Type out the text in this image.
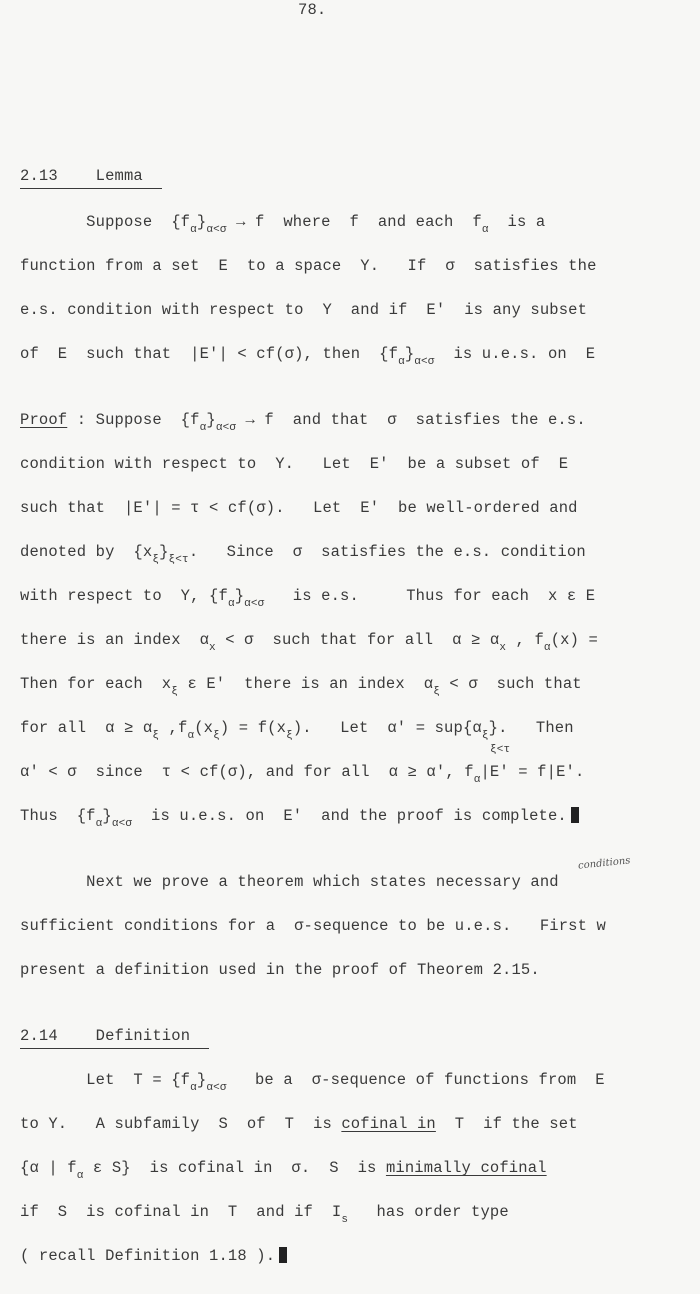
78.
2.13 Lemma
Suppose  $\{f_\alpha\}_{\alpha<\sigma} \to f$  where  f  and each  $f_\alpha$  is a
function from a set  E  to a space  Y.   If  σ  satisfies the
e.s. condition with respect to  Y  and if  E'  is any subset
of  E  such that  |E'| < cf(σ), then  $\{f_\alpha\}_{\alpha<\sigma}$  is u.e.s. on  E
Proof : Suppose  $\{f_\alpha\}_{\alpha<\sigma} \to f$  and that  σ  satisfies the e.s.
condition with respect to  Y.   Let  E'  be a subset of  E
such that  |E'| = τ < cf(σ).   Let  E'  be well-ordered and
denoted by  $\{x_\xi\}_{\xi<\tau}$.   Since  σ  satisfies the e.s. condition
with respect to  Y, $\{f_\alpha\}_{\alpha<\sigma}$   is e.s.     Thus for each  x ε E
there is an index  $\alpha_x < \sigma$  such that for all  $\alpha \ge \alpha_x$ , $f_\alpha(x)$ =
Then for each  $x_\xi$ ε E'  there is an index  $\alpha_\xi < \sigma$  such that
for all  $\alpha \ge \alpha_\xi$ $,f_\alpha(x_\xi) = f(x_\xi)$.   Let  $\alpha' = sup\{\alpha_\xi\}$.   Then
ξ<τ
α' < σ  since  τ < cf(σ), and for all  α ≥ α', $f_\alpha|E' = f|E'$.
Thus  $\{f_\alpha\}_{\alpha<\sigma}$  is u.e.s. on  E'  and the proof is complete.
conditions
Next we prove a theorem which states necessary and
sufficient conditions for a  σ-sequence to be u.e.s.   First w
present a definition used in the proof of Theorem 2.15.
2.14 Definition
Let  $T = \{f_\alpha\}_{\alpha<\sigma}$   be a  σ-sequence of functions from  E
to Y.   A subfamily  S  of  T  is cofinal in  T  if the set
{α | $f_\alpha$ ε S}  is cofinal in  σ.  S  is minimally cofinal
if  S  is cofinal in  T  and if  $I_s$   has order type
( recall Definition 1.18 ).
